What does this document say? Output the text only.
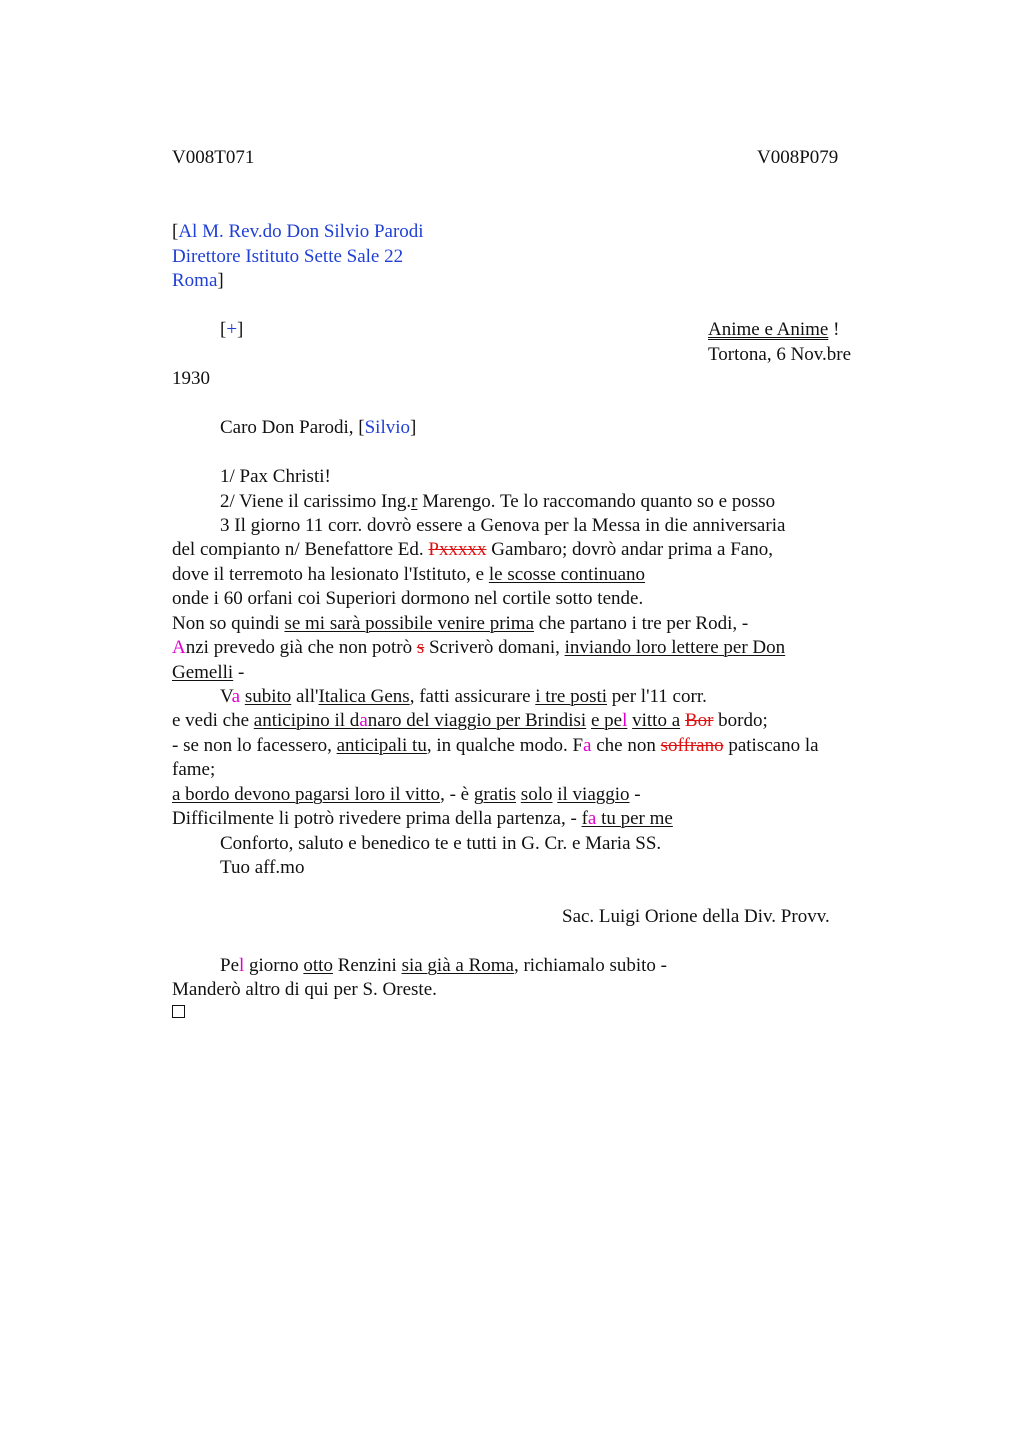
V008T071	V008P079
[Al M. Rev.do Don Silvio Parodi
Direttore Istituto Sette Sale 22
Roma]
[+]	Anime e Anime !
Tortona, 6 Nov.bre
1930
Caro Don Parodi, [Silvio]
1/ Pax Christi!
2/ Viene il carissimo Ing.r Marengo. Te lo raccomando quanto so e posso
3 Il giorno 11 corr. dovrò essere a Genova per la Messa in die anniversaria
del compianto n/ Benefattore Ed. Pxxxxx Gambaro; dovrò andar prima a Fano,
dove il terremoto ha lesionato l'Istituto, e le scosse continuano
onde i 60 orfani coi Superiori dormono nel cortile sotto tende.
Non so quindi se mi sarà possibile venire prima che partano i tre per Rodi, -
Anzi prevedo già che non potrò s Scriverò domani, inviando loro lettere per Don
Gemelli -
Va subito all'Italica Gens, fatti assicurare i tre posti per l'11 corr.
e vedi che anticipino il danaro del viaggio per Brindisi e pel vitto a Bor bordo;
- se non lo facessero, anticipali tu, in qualche modo. Fa che non soffrano patiscano la
fame;
a bordo devono pagarsi loro il vitto, - è gratis solo il viaggio -
Difficilmente li potrò rivedere prima della partenza, - fa tu per me
Conforto, saluto e benedico te e tutti in G. Cr. e Maria SS.
Tuo aff.mo
Sac. Luigi Orione della Div. Provv.
Pel giorno otto Renzini sia già a Roma, richiamalo subito -
Manderò altro di qui per S. Oreste.
